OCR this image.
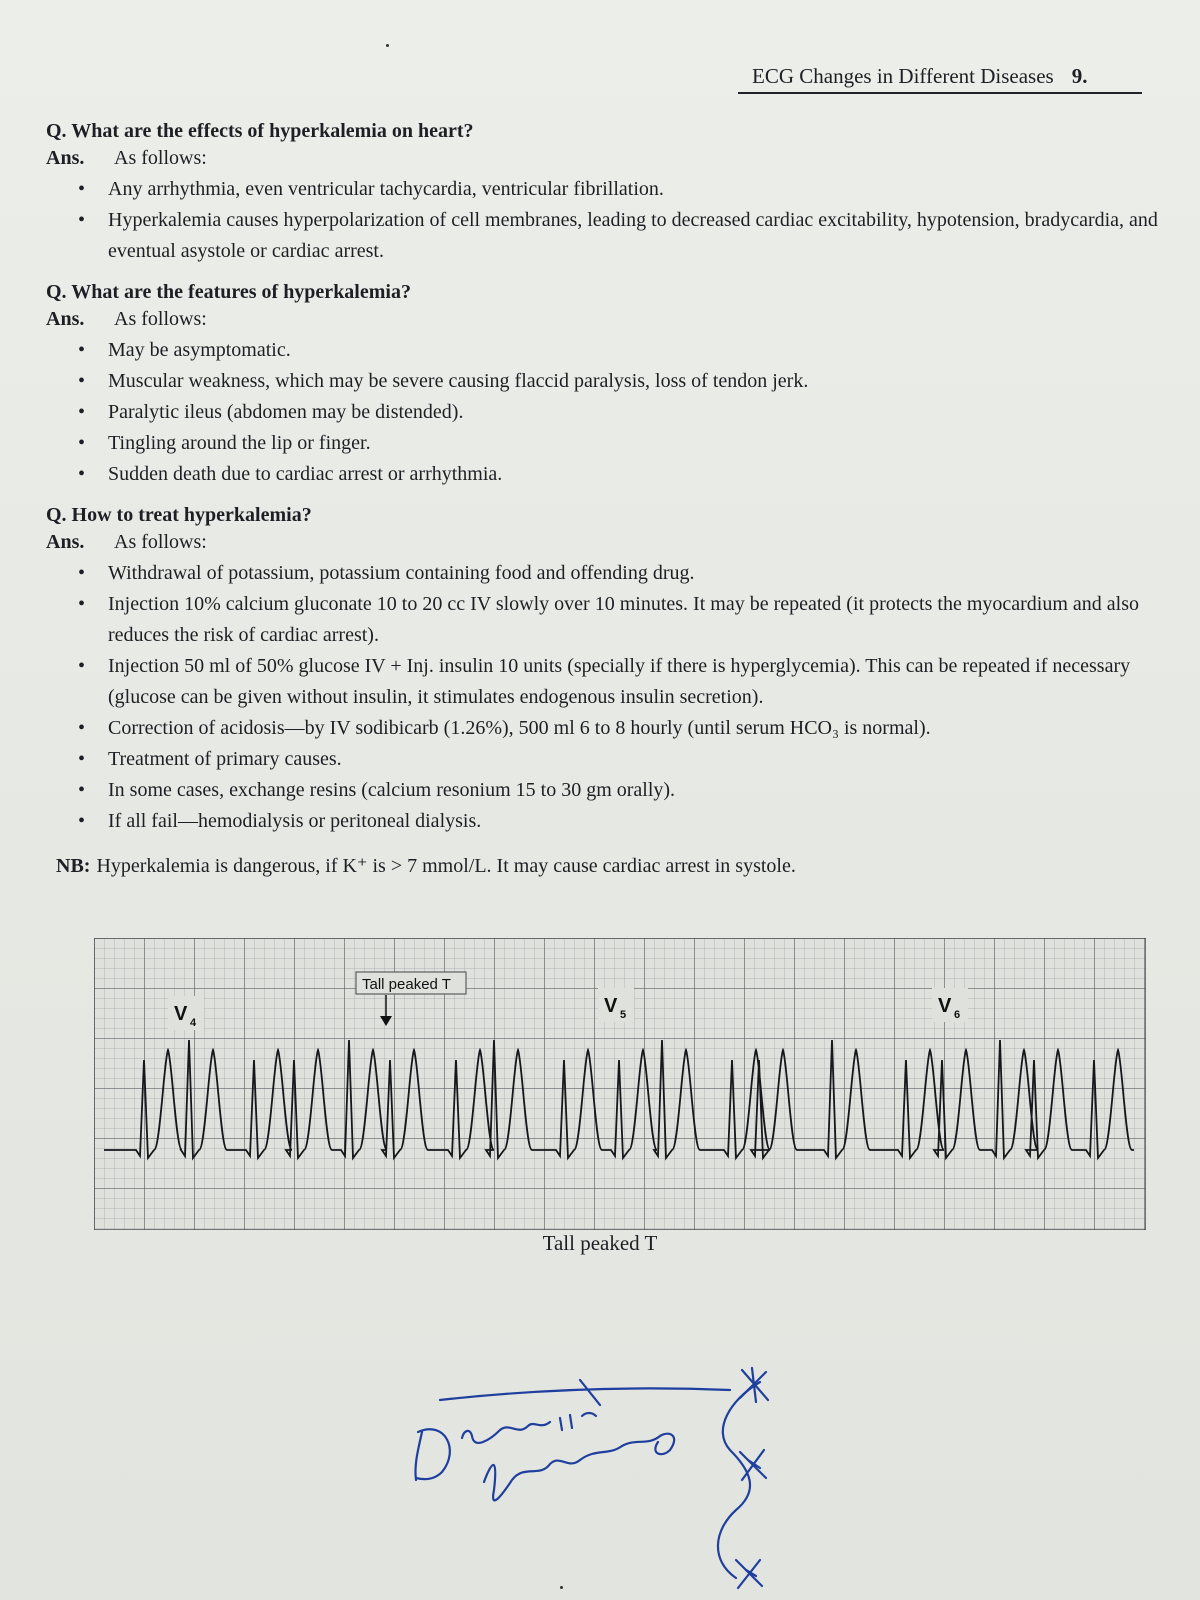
ECG Changes in Different Diseases 9.

Q. What are the effects of hyperkalemia on heart?

Ans. As follows:

• Any arrhythmia, even ventricular tachycardia, ventricular fibrillation.
• Hyperkalemia causes hyperpolarization of cell membranes, leading to decreased cardiac excitability, hypotension, bradycardia, and eventual asystole or cardiac arrest.

Q. What are the features of hyperkalemia?

Ans. As follows:

• May be asymptomatic.
• Muscular weakness, which may be severe causing flaccid paralysis, loss of tendon jerk.
• Paralytic ileus (abdomen may be distended).
• Tingling around the lip or finger.
• Sudden death due to cardiac arrest or arrhythmia.

Q. How to treat hyperkalemia?

Ans. As follows:

• Withdrawal of potassium, potassium containing food and offending drug.
• Injection 10% calcium gluconate 10 to 20 cc IV slowly over 10 minutes. It may be repeated (it protects the myocardium and also reduces the risk of cardiac arrest).
• Injection 50 ml of 50% glucose IV + Inj. insulin 10 units (specially if there is hyperglycemia). This can be repeated if necessary (glucose can be given without insulin, it stimulates endogenous insulin secretion).
• Correction of acidosis—by IV sodibicarb (1.26%), 500 ml 6 to 8 hourly (until serum HCO₃ is normal).
• Treatment of primary causes.
• In some cases, exchange resins (calcium resonium 15 to 30 gm orally).
• If all fail—hemodialysis or peritoneal dialysis.

NB: Hyperkalemia is dangerous, if K⁺ is > 7 mmol/L. It may cause cardiac arrest in systole.

Tall peaked T
V 4
V 5	V 6
Tall peaked T
